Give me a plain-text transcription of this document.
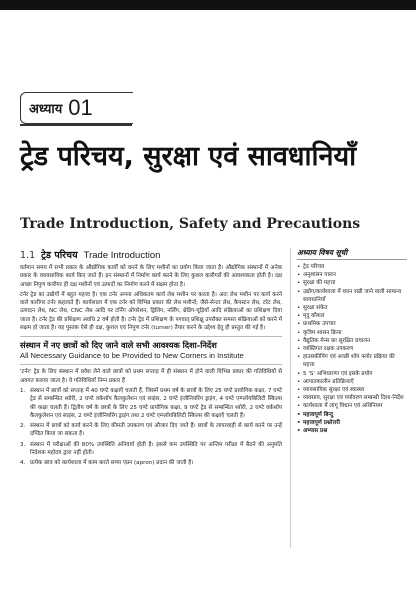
अध्याय 01
ट्रेड परिचय, सुरक्षा एवं सावधानियाँ
Trade Introduction, Safety and Precautions
1.1 ट्रेड परिचय Trade Introduction

वर्तमान समय में सभी प्रकार के औद्योगिक कार्यों को करने के लिए मशीनों का प्रयोग किया जाता है। औद्योगिक संस्थानों में अनेक प्रकार के व्यावसायिक कार्य किए जाते हैं। इन संस्थानों में निर्माण कार्य करने के लिए कुशल कारीगरों की आवश्यकता होती है। दक्ष अच्छा निपुण कारीगर ही दक्ष मशीनों एवं उत्पादों का निर्माण करने में सक्षम होता है।

टर्नर ट्रेड का उद्योगों में बहुत महत्त्व है। एक टर्नर अपना अधिकतम कार्य लेथ मशीन पर करता है। अतः लेथ मशीन पर कार्य करने वाले कारीगर टर्नर कहलाते हैं। कार्यशाला में एक टर्नर को विभिन्न प्रकार की लेथ मशीनों; जैसे-सेन्टर लेथ, कैपस्टन लेथ, टरेट लेथ, उत्पादन लेथ, NC लेथ, CNC लेथ आदि पर टर्निंग ऑपरेशन, ड्रिलिंग, नर्लिंग, थ्रेडिंग-चूड़ियाँ आदि संक्रियाओं का प्रशिक्षण दिया जाता है। टर्नर ट्रेड की प्रशिक्षण अवधि 2 वर्ष होती है। टर्नर ट्रेड में प्रशिक्षण के पश्चात् प्रशिक्षु उपरोक्त समस्त संक्रियाओं को करने में सक्षम हो जाता है। यह पुस्तक ऐसे ही दक्ष, कुशल एवं निपुण टर्नर (turner) तैयार करने के उद्देश्य हेतु ही प्रस्तुत की गई है।

संस्थान में नए छात्रों को दिए जाने वाले सभी आवश्यक दिशा-निर्देश
All Necessary Guidance to be Provided to New Corners in Institute

'टर्नर' ट्रेड के लिए संस्थान में प्रवेश लेने वाले छात्रों को प्रथम सप्ताह में ही संस्थान में होने वाली विभिन्न प्रकार की गतिविधियों से अवगत कराया जाता है। ये गतिविधियाँ निम्न प्रकार हैं

1. संस्थान में छात्रों को सप्ताह में 40 घण्टे कक्षाएँ चलती हैं, जिसमें प्रथम वर्ष के छात्रों के लिए 25 घण्टे प्रायोगिक कक्षा, 7 घण्टे ट्रेड से सम्बन्धित थ्योरी, 2 घण्टे वर्कशॉप कैलकुलेशन एवं साइंस, 2 घण्टे इंजीनियरिंग ड्राइंग, 4 घण्टे एम्प्लॉयबिलिटी स्किल्स की कक्षा चलती हैं। द्वितीय वर्ष के छात्रों के लिए 25 घण्टे प्रायोगिक कक्षा, 9 घण्टे ट्रेड से सम्बन्धित थ्योरी, 2 घण्टे वर्कशॉप कैलकुलेशन एवं साइंस, 2 घण्टे इंजीनियरिंग ड्राइंग तथा 2 घण्टे एम्प्लॉयबिलिटी स्किल्स की कक्षाएँ चलती हैं।
2. संस्थान में छात्रों को कार्य करने के लिए कीमती उपकरण एवं औजार दिए जाते हैं। छात्रों के लापरवाही से कार्य करने पर उन्हें दण्डित किया जा सकता है।
3. संस्थान में परीक्षाओं की 80% उपस्थिति अनिवार्य होती है। इससे कम उपस्थिति पर अन्तिम परीक्षा में बैठने की अनुमति निदेशक महोदय द्वारा नहीं होती।
4. प्रत्येक छात्र को कार्यशाला में काम करते समय एप्रन (apron) प्रदान की जाती है।
अध्याय विषय सूची
• ट्रेड परिचय
• अनुशासन पालन
• सुरक्षा की महत्ता
• उद्योग/कार्यशाला में ध्यान रखी जाने वाली सामान्य सावधानियाँ
• सुरक्षा संकेत
• मृदु कौशल
• प्राथमिक उपचार
• कृत्रिम श्वसन क्रिया
• वैद्युतिक मेन्स का सुरक्षित प्रचालन
• व्यक्तिगत रक्षक उपकरण
• हाउसकीपिंग एवं अच्छी शॉप फ्लोर प्रक्रिया की महत्ता
• 5 'S' अभिधारणा एवं इसके प्रयोग
• आपातकालीन प्रतिक्रियाएँ
• व्यावसायिक सुरक्षा एवं स्वास्थ्य
• व्यवसाय, सुरक्षा एवं पर्यावरण सम्बन्धी दिशा-निर्देश
• कार्यशाला में लागू विधान एवं अधिनियम
• महत्त्वपूर्ण बिन्दु
• महत्त्वपूर्ण प्रश्नोत्तरी
• अभ्यास प्रश्न
